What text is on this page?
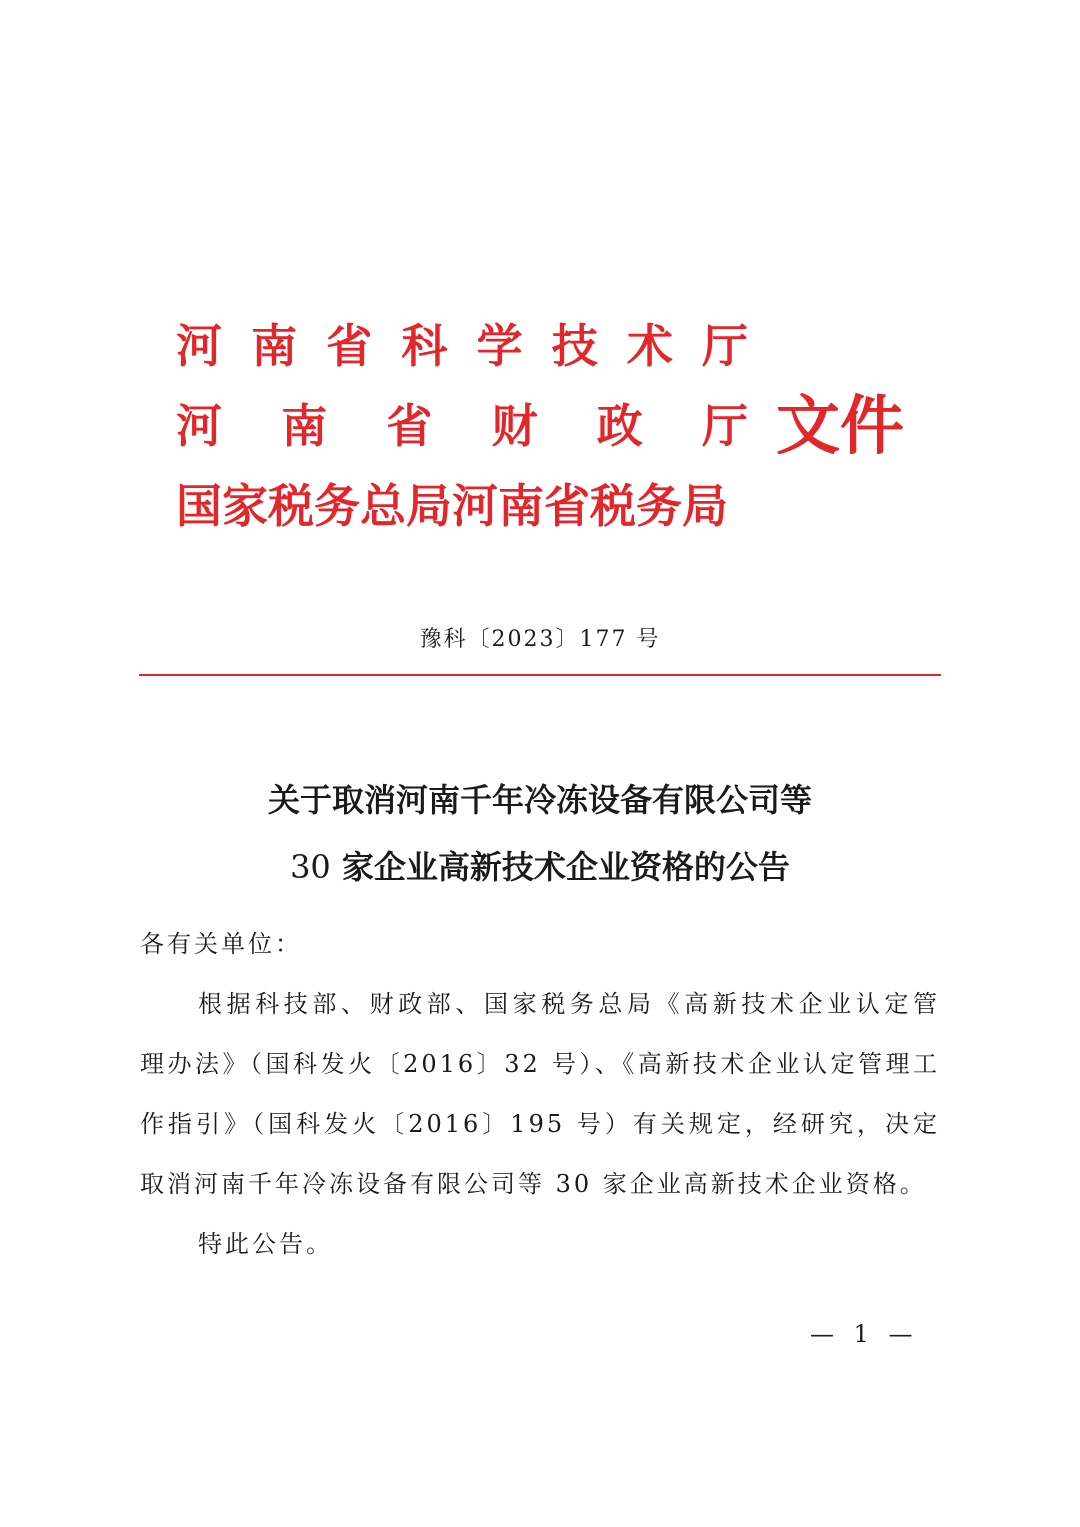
河 南 省 科 学 技 术 厅
河 南 省 财 政 厅
国家税务总局河南省税务局
文件
豫科〔2023〕177 号
关于取消河南千年冷冻设备有限公司等
30 家企业高新技术企业资格的公告
各有关单位：
根据科技部、财政部、国家税务总局《高新技术企业认定管
理办法》（国科发火〔2016〕32 号）、《高新技术企业认定管理工
作指引》（国科发火〔2016〕195 号）有关规定，经研究，决定
取消河南千年冷冻设备有限公司等 30 家企业高新技术企业资格。
特此公告。
— 1 —
